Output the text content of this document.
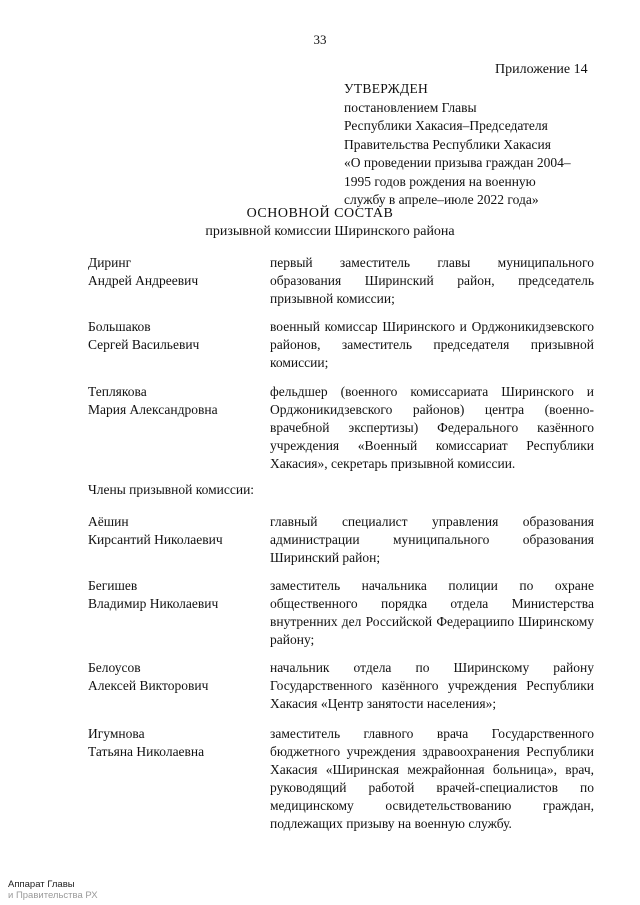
33
Приложение 14
УТВЕРЖДЕН
постановлением Главы
Республики Хакасия–Председателя
Правительства Республики Хакасия
«О проведении призыва граждан 2004–
1995 годов рождения на военную
службу в апреле–июле 2022 года»
ОСНОВНОЙ СОСТАВ
призывной комиссии Ширинского района
Диринг
Андрей Андреевич
первый заместитель главы муниципального образования Ширинский район, председатель призывной комиссии;
Большаков
Сергей Васильевич
военный комиссар Ширинского и Орджоникидзевского районов, заместитель председателя призывной комиссии;
Теплякова
Мария Александровна
фельдшер (военного комиссариата Ширинского и Орджоникидзевского районов) центра (военно-врачебной экспертизы) Федерального казённого учреждения «Военный комиссариат Республики Хакасия», секретарь призывной комиссии.
Члены призывной комиссии:
Аёшин
Кирсантий Николаевич
главный специалист управления образования администрации муниципального образования Ширинский район;
Бегишев
Владимир Николаевич
заместитель начальника полиции по охране общественного порядка отдела Министерства внутренних дел Российской Федерациипо Ширинскому району;
Белоусов
Алексей Викторович
начальник отдела по Ширинскому району Государственного казённого учреждения Республики Хакасия «Центр занятости населения»;
Игумнова
Татьяна Николаевна
заместитель главного врача Государственного бюджетного учреждения здравоохранения Республики Хакасия «Ширинская межрайонная больница», врач, руководящий работой врачей-специалистов по медицинскому освидетельствованию граждан, подлежащих призыву на военную службу.
Аппарат Главы
и Правительства РХ
